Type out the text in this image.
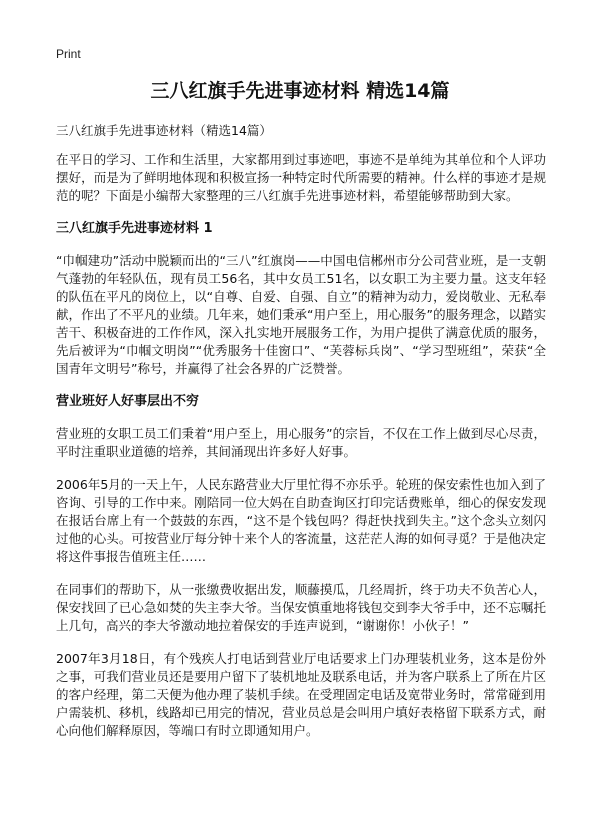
Print
三八红旗手先进事迹材料 精选14篇
三八红旗手先进事迹材料（精选14篇）

在平日的学习、工作和生活里，大家都用到过事迹吧，事迹不是单纯为其单位和个人评功摆好，而是为了鲜明地体现和积极宣扬一种特定时代所需要的精神。什么样的事迹才是规范的呢？下面是小编帮大家整理的三八红旗手先进事迹材料，希望能够帮助到大家。

三八红旗手先进事迹材料 1

“巾帼建功”活动中脱颖而出的“三八”红旗岗——中国电信郴州市分公司营业班，是一支朝气蓬勃的年轻队伍，现有员工56名，其中女员工51名，以女职工为主要力量。这支年轻的队伍在平凡的岗位上，以“自尊、自爱、自强、自立”的精神为动力，爱岗敬业、无私奉献，作出了不平凡的业绩。几年来，她们秉承“用户至上，用心服务”的服务理念，以踏实苦干、积极奋进的工作作风，深入扎实地开展服务工作，为用户提供了满意优质的服务，先后被评为“巾帼文明岗”“优秀服务十佳窗口”、“芙蓉标兵岗”、“学习型班组”，荣获“全国青年文明号”称号，并赢得了社会各界的广泛赞誉。

营业班好人好事层出不穷

营业班的女职工员工们秉着“用户至上，用心服务”的宗旨，不仅在工作上做到尽心尽责，平时注重职业道德的培养，其间涌现出许多好人好事。

2006年5月的一天上午，人民东路营业大厅里忙得不亦乐乎。轮班的保安索性也加入到了咨询、引导的工作中来。刚陪同一位大妈在自助查询区打印完话费账单，细心的保安发现在报话台席上有一个鼓鼓的东西，“这不是个钱包吗？得赶快找到失主。”这个念头立刻闪过他的心头。可按营业厅每分钟十来个人的客流量，这茫茫人海的如何寻觅？于是他决定将这件事报告值班主任……

在同事们的帮助下，从一张缴费收据出发，顺藤摸瓜，几经周折，终于功夫不负苦心人，保安找回了已心急如焚的失主李大爷。当保安慎重地将钱包交到李大爷手中，还不忘嘱托上几句，高兴的李大爷激动地拉着保安的手连声说到，“谢谢你！小伙子！”

2007年3月18日，有个残疾人打电话到营业厅电话要求上门办理装机业务，这本是份外之事，可我们营业员还是要用户留下了装机地址及联系电话，并为客户联系上了所在片区的客户经理，第二天便为他办理了装机手续。在受理固定电话及宽带业务时，常常碰到用户需装机、移机，线路却已用完的情况，营业员总是会叫用户填好表格留下联系方式，耐心向他们解释原因，等端口有时立即通知用户。
